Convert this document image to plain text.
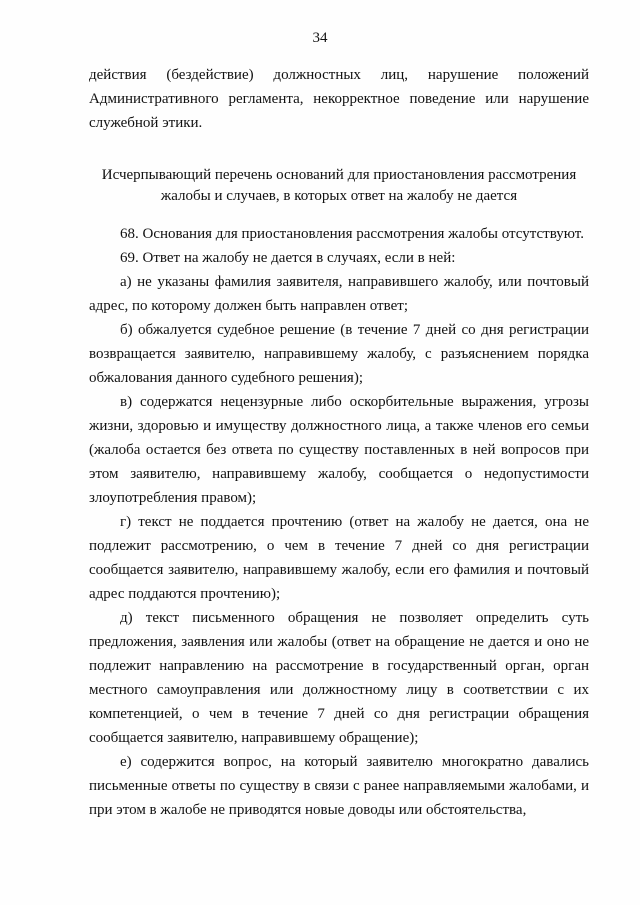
34
действия (бездействие) должностных лиц, нарушение положений Административного регламента, некорректное поведение или нарушение служебной этики.
Исчерпывающий перечень оснований для приостановления рассмотрения
жалобы и случаев, в которых ответ на жалобу не дается

68. Основания для приостановления рассмотрения жалобы отсутствуют.

69. Ответ на жалобу не дается в случаях, если в ней:

а) не указаны фамилия заявителя, направившего жалобу, или почтовый адрес, по которому должен быть направлен ответ;

б) обжалуется судебное решение (в течение 7 дней со дня регистрации возвращается заявителю, направившему жалобу, с разъяснением порядка обжалования данного судебного решения);

в) содержатся нецензурные либо оскорбительные выражения, угрозы жизни, здоровью и имуществу должностного лица, а также членов его семьи (жалоба остается без ответа по существу поставленных в ней вопросов при этом заявителю, направившему жалобу, сообщается о недопустимости злоупотребления правом);

г) текст не поддается прочтению (ответ на жалобу не дается, она не подлежит рассмотрению, о чем в течение 7 дней со дня регистрации сообщается заявителю, направившему жалобу, если его фамилия и почтовый адрес поддаются прочтению);

д) текст письменного обращения не позволяет определить суть предложения, заявления или жалобы (ответ на обращение не дается и оно не подлежит направлению на рассмотрение в государственный орган, орган местного самоуправления или должностному лицу в соответствии с их компетенцией, о чем в течение 7 дней со дня регистрации обращения сообщается заявителю, направившему обращение);

е) содержится вопрос, на который заявителю многократно давались письменные ответы по существу в связи с ранее направляемыми жалобами, и при этом в жалобе не приводятся новые доводы или обстоятельства,
